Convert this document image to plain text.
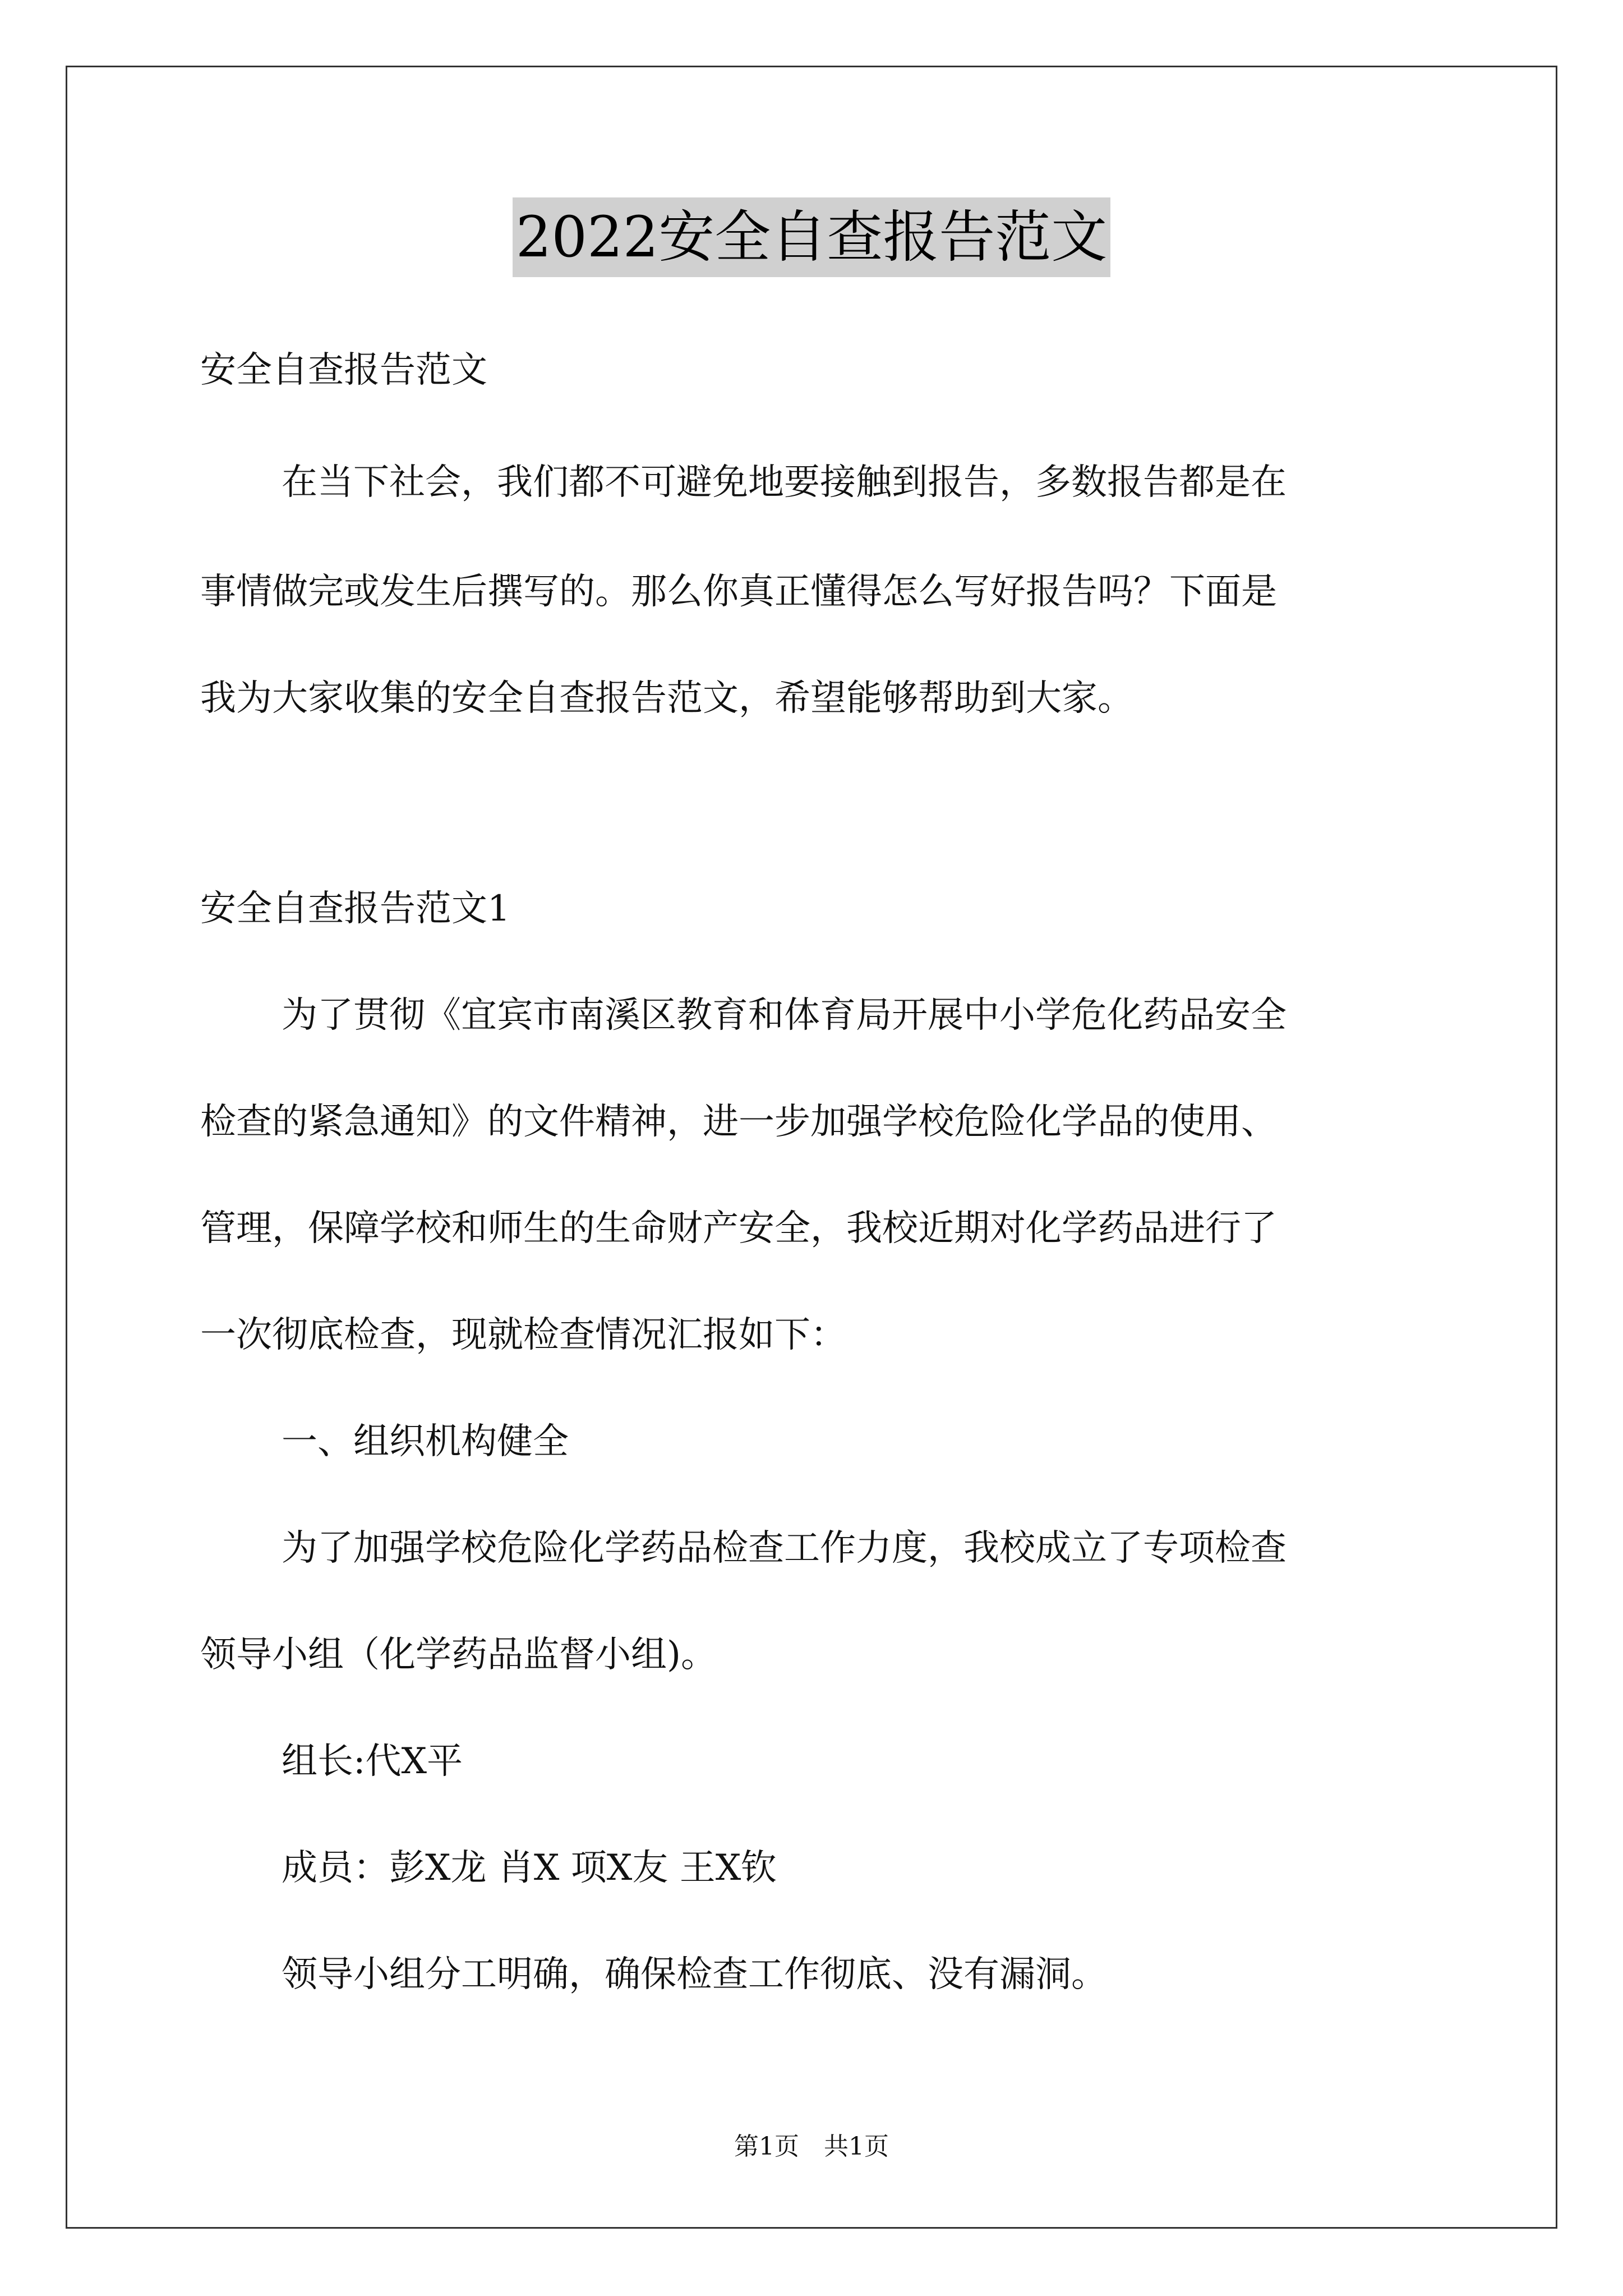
2022安全自查报告范文
安全自查报告范文
在当下社会，我们都不可避免地要接触到报告，多数报告都是在
事情做完或发生后撰写的。那么你真正懂得怎么写好报告吗？下面是
我为大家收集的安全自查报告范文，希望能够帮助到大家。
安全自查报告范文1
为了贯彻《宜宾市南溪区教育和体育局开展中小学危化药品安全
检查的紧急通知》的文件精神，进一步加强学校危险化学品的使用、
管理，保障学校和师生的生命财产安全，我校近期对化学药品进行了
一次彻底检查，现就检查情况汇报如下：
一、组织机构健全
为了加强学校危险化学药品检查工作力度，我校成立了专项检查
领导小组（化学药品监督小组)。
组长:代X平
成员：彭X龙 肖X 项X友 王X钦
领导小组分工明确，确保检查工作彻底、没有漏洞。
第1页　共1页
